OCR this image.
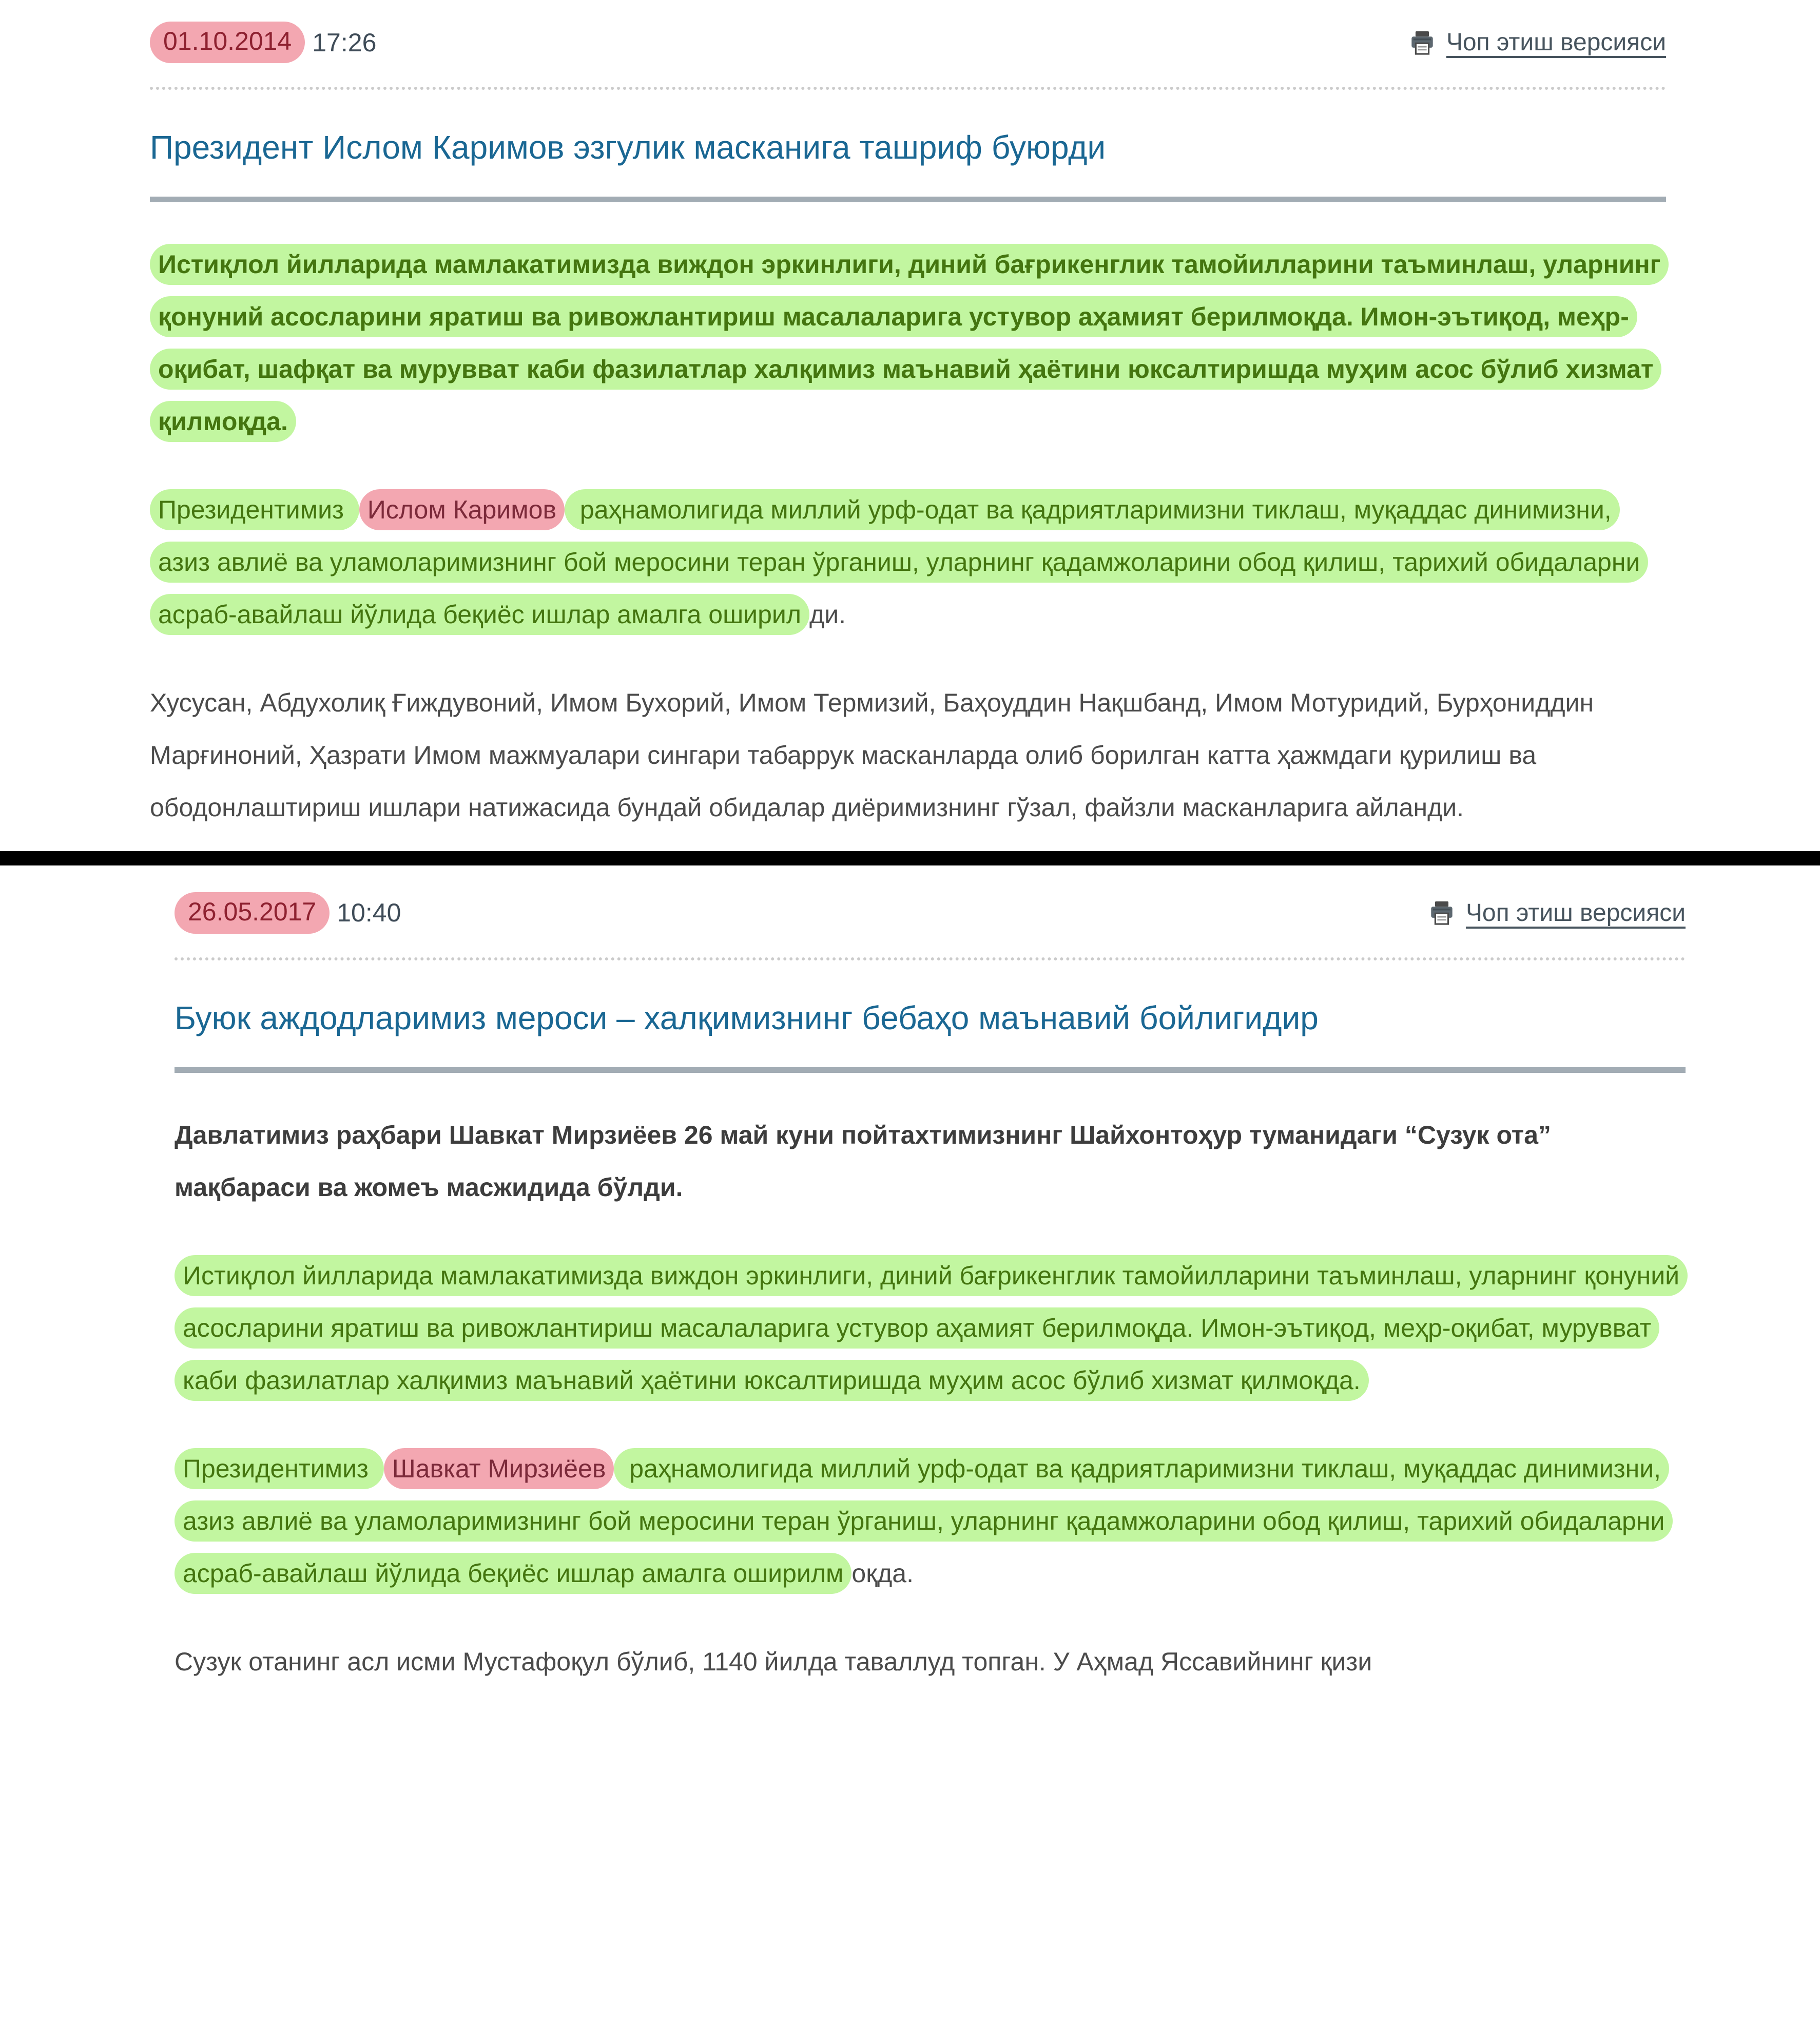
01.10.2014 17:26	Чоп этиш версияси
Президент Ислом Каримов эзгулик масканига ташриф буюрди

Истиқлол йилларида мамлакатимизда виждон эркинлиги, диний бағрикенглик тамойилларини таъминлаш, уларнинг қонуний асосларини яратиш ва ривожлантириш масалаларига устувор аҳамият берилмоқда. Имон-эътиқод, меҳр-оқибат, шафқат ва мурувват каби фазилатлар халқимиз маънавий ҳаётини юксалтиришда муҳим асос бўлиб хизмат қилмоқда.

Президентимиз Ислом Каримов раҳнамолигида миллий урф-одат ва қадриятларимизни тиклаш, муқаддас динимизни, азиз авлиё ва уламоларимизнинг бой меросини теран ўрганиш, уларнинг қадамжоларини обод қилиш, тарихий обидаларни асраб-авайлаш йўлида беқиёс ишлар амалга оширил ди.

Хусусан, Абдухолиқ Ғиждувоний, Имом Бухорий, Имом Термизий, Баҳоуддин Нақшбанд, Имом Мотуридий, Бурҳониддин Марғиноний, Ҳазрати Имом мажмуалари сингари табаррук масканларда олиб борилган катта ҳажмдаги қурилиш ва ободонлаштириш ишлари натижасида бундай обидалар диёримизнинг гўзал, файзли масканларига айланди.

26.05.2017 10:40	Чоп этиш версияси
Буюк аждодларимиз мероси – халқимизнинг бебаҳо маънавий бойлигидир

Давлатимиз раҳбари Шавкат Мирзиёев 26 май куни пойтахтимизнинг Шайхонтоҳур туманидаги “Сузук ота” мақбараси ва жомеъ масжидида бўлди.

Истиқлол йилларида мамлакатимизда виждон эркинлиги, диний бағрикенглик тамойилларини таъминлаш, уларнинг қонуний асосларини яратиш ва ривожлантириш масалаларига устувор аҳамият берилмоқда. Имон-эътиқод, меҳр-оқибат, мурувват каби фазилатлар халқимиз маънавий ҳаётини юксалтиришда муҳим асос бўлиб хизмат қилмоқда.

Президентимиз Шавкат Мирзиёев раҳнамолигида миллий урф-одат ва қадриятларимизни тиклаш, муқаддас динимизни, азиз авлиё ва уламоларимизнинг бой меросини теран ўрганиш, уларнинг қадамжоларини обод қилиш, тарихий обидаларни асраб-авайлаш йўлида беқиёс ишлар амалга оширилм оқда.

Сузук отанинг асл исми Мустафоқул бўлиб, 1140 йилда таваллуд топган. У Аҳмад Яссавийнинг қизи
